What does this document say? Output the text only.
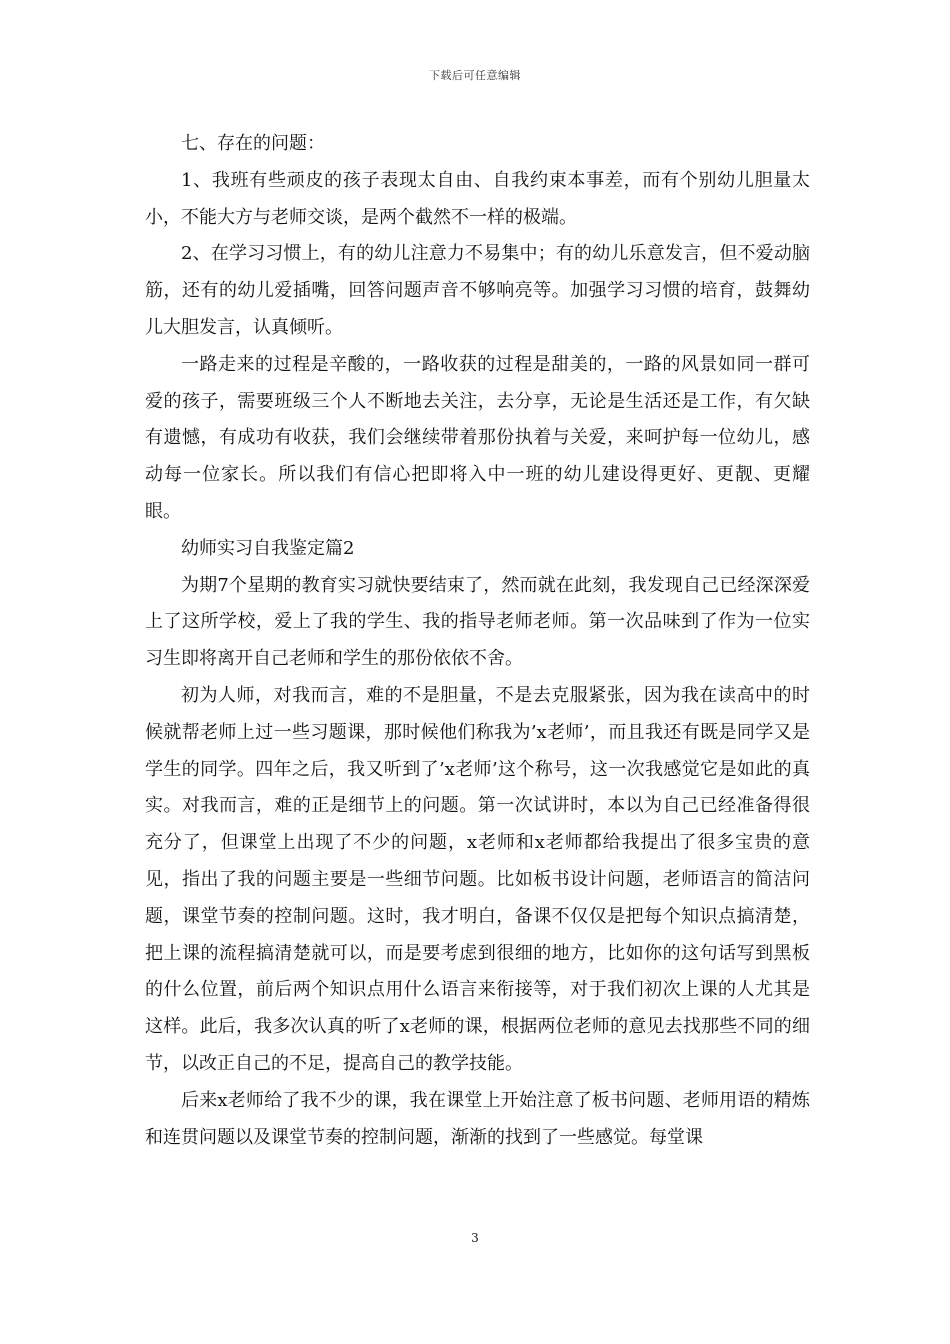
下载后可任意编辑

七、存在的问题：

1、我班有些顽皮的孩子表现太自由、自我约束本事差，而有个别幼儿胆量太小，不能大方与老师交谈，是两个截然不一样的极端。

2、在学习习惯上，有的幼儿注意力不易集中；有的幼儿乐意发言，但不爱动脑筋，还有的幼儿爱插嘴，回答问题声音不够响亮等。加强学习习惯的培育，鼓舞幼儿大胆发言，认真倾听。

一路走来的过程是辛酸的，一路收获的过程是甜美的，一路的风景如同一群可爱的孩子，需要班级三个人不断地去关注，去分享，无论是生活还是工作，有欠缺有遗憾，有成功有收获，我们会继续带着那份执着与关爱，来呵护每一位幼儿，感动每一位家长。所以我们有信心把即将入中一班的幼儿建设得更好、更靓、更耀眼。

幼师实习自我鉴定篇2

为期7个星期的教育实习就快要结束了，然而就在此刻，我发现自己已经深深爱上了这所学校，爱上了我的学生、我的指导老师老师。第一次品味到了作为一位实习生即将离开自己老师和学生的那份依依不舍。

初为人师，对我而言，难的不是胆量，不是去克服紧张，因为我在读高中的时候就帮老师上过一些习题课，那时候他们称我为’x老师’，而且我还有既是同学又是学生的同学。四年之后，我又听到了’x老师’这个称号，这一次我感觉它是如此的真实。对我而言，难的正是细节上的问题。第一次试讲时，本以为自己已经准备得很充分了，但课堂上出现了不少的问题，x老师和x老师都给我提出了很多宝贵的意见，指出了我的问题主要是一些细节问题。比如板书设计问题，老师语言的简洁问题，课堂节奏的控制问题。这时，我才明白，备课不仅仅是把每个知识点搞清楚，把上课的流程搞清楚就可以，而是要考虑到很细的地方，比如你的这句话写到黑板的什么位置，前后两个知识点用什么语言来衔接等，对于我们初次上课的人尤其是这样。此后，我多次认真的听了x老师的课，根据两位老师的意见去找那些不同的细节，以改正自己的不足，提高自己的教学技能。

后来x老师给了我不少的课，我在课堂上开始注意了板书问题、老师用语的精炼和连贯问题以及课堂节奏的控制问题，渐渐的找到了一些感觉。每堂课

3
